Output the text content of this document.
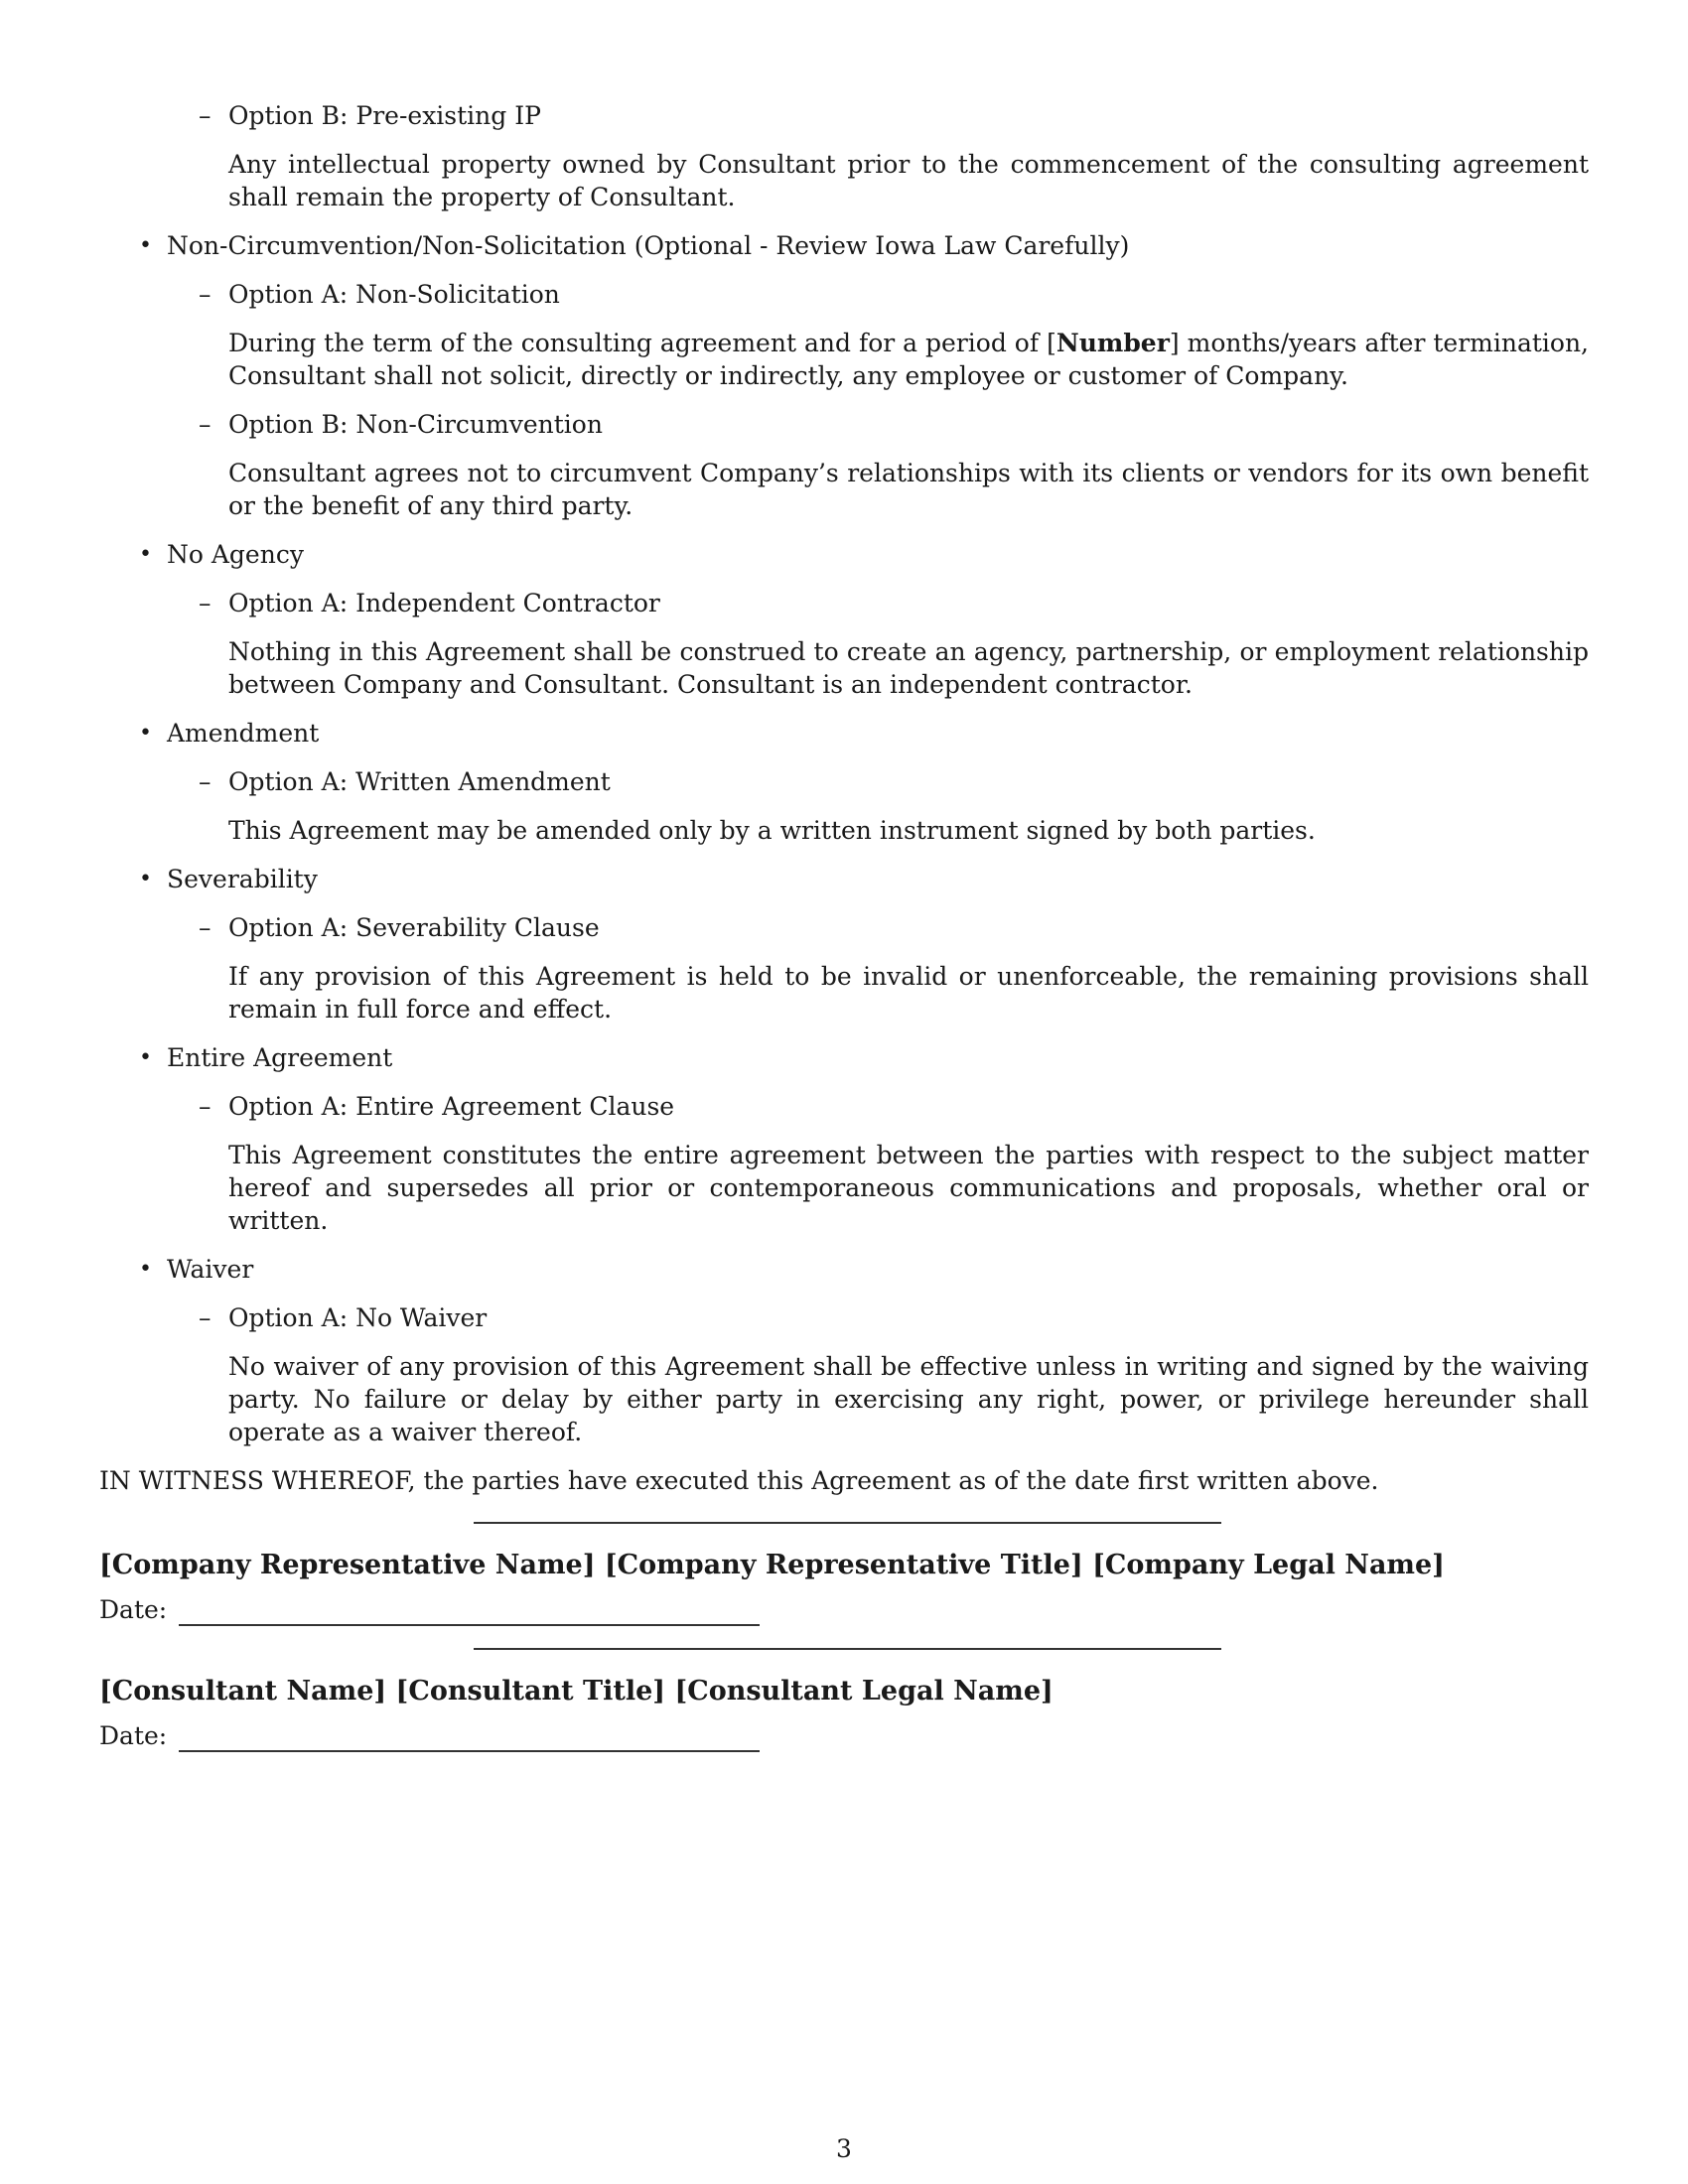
– Option B: Pre-existing IP

Any intellectual property owned by Consultant prior to the commencement of the consulting agreement shall remain the property of Consultant.

• Non-Circumvention/Non-Solicitation (Optional - Review Iowa Law Carefully)
– Option A: Non-Solicitation

During the term of the consulting agreement and for a period of [Number] months/years after termination, Consultant shall not solicit, directly or indirectly, any employee or customer of Company.

– Option B: Non-Circumvention

Consultant agrees not to circumvent Company’s relationships with its clients or vendors for its own benefit or the benefit of any third party.

• No Agency
– Option A: Independent Contractor

Nothing in this Agreement shall be construed to create an agency, partnership, or employment relationship between Company and Consultant. Consultant is an independent contractor.

• Amendment
– Option A: Written Amendment

This Agreement may be amended only by a written instrument signed by both parties.

• Severability
– Option A: Severability Clause

If any provision of this Agreement is held to be invalid or unenforceable, the remaining provisions shall remain in full force and effect.

• Entire Agreement
– Option A: Entire Agreement Clause

This Agreement constitutes the entire agreement between the parties with respect to the subject matter hereof and supersedes all prior or contemporaneous communications and proposals, whether oral or written.

• Waiver
– Option A: No Waiver

No waiver of any provision of this Agreement shall be effective unless in writing and signed by the waiving party. No failure or delay by either party in exercising any right, power, or privilege hereunder shall operate as a waiver thereof.

IN WITNESS WHEREOF, the parties have executed this Agreement as of the date first written above.

[Company Representative Name] [Company Representative Title] [Company Legal Name]
Date:
[Consultant Name] [Consultant Title] [Consultant Legal Name]
Date:
3
